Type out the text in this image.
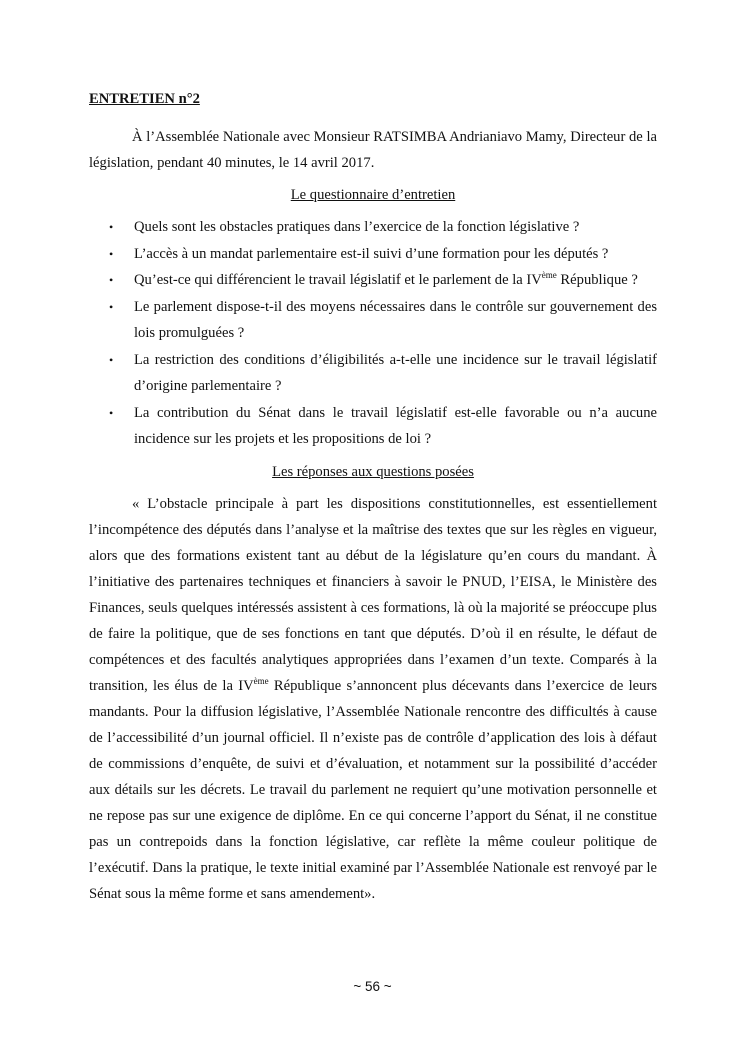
ENTRETIEN n°2

À l’Assemblée Nationale avec Monsieur RATSIMBA Andrianiavo Mamy, Directeur de la législation, pendant 40 minutes, le 14 avril 2017.

Le questionnaire d’entretien

• Quels sont les obstacles pratiques dans l’exercice de la fonction législative ?
• L’accès à un mandat parlementaire est-il suivi d’une formation pour les députés ?
• Qu’est-ce qui différencient le travail législatif et le parlement de la IVème République ?
• Le parlement dispose-t-il des moyens nécessaires dans le contrôle sur gouvernement des lois promulguées ?
• La restriction des conditions d’éligibilités a-t-elle une incidence sur le travail législatif d’origine parlementaire ?
• La contribution du Sénat dans le travail législatif est-elle favorable ou n’a aucune incidence sur les projets et les propositions de loi ?

Les réponses aux questions posées

« L’obstacle principale à part les dispositions constitutionnelles, est essentiellement l’incompétence des députés dans l’analyse et la maîtrise des textes que sur les règles en vigueur, alors que des formations existent tant au début de la législature qu’en cours du mandant. À l’initiative des partenaires techniques et financiers à savoir le PNUD, l’EISA, le Ministère des Finances, seuls quelques intéressés assistent à ces formations, là où la majorité se préoccupe plus de faire la politique, que de ses fonctions en tant que députés. D’où il en résulte, le défaut de compétences et des facultés analytiques appropriées dans l’examen d’un texte. Comparés à la transition, les élus de la IVème République s’annoncent plus décevants dans l’exercice de leurs mandants. Pour la diffusion législative, l’Assemblée Nationale rencontre des difficultés à cause de l’accessibilité d’un journal officiel. Il n’existe pas de contrôle d’application des lois à défaut de commissions d’enquête, de suivi et d’évaluation, et notamment sur la possibilité d’accéder aux détails sur les décrets. Le travail du parlement ne requiert qu’une motivation personnelle et ne repose pas sur une exigence de diplôme. En ce qui concerne l’apport du Sénat, il ne constitue pas un contrepoids dans la fonction législative, car reflète la même couleur politique de l’exécutif. Dans la pratique, le texte initial examiné par l’Assemblée Nationale est renvoyé par le Sénat sous la même forme et sans amendement».

~ 56 ~
